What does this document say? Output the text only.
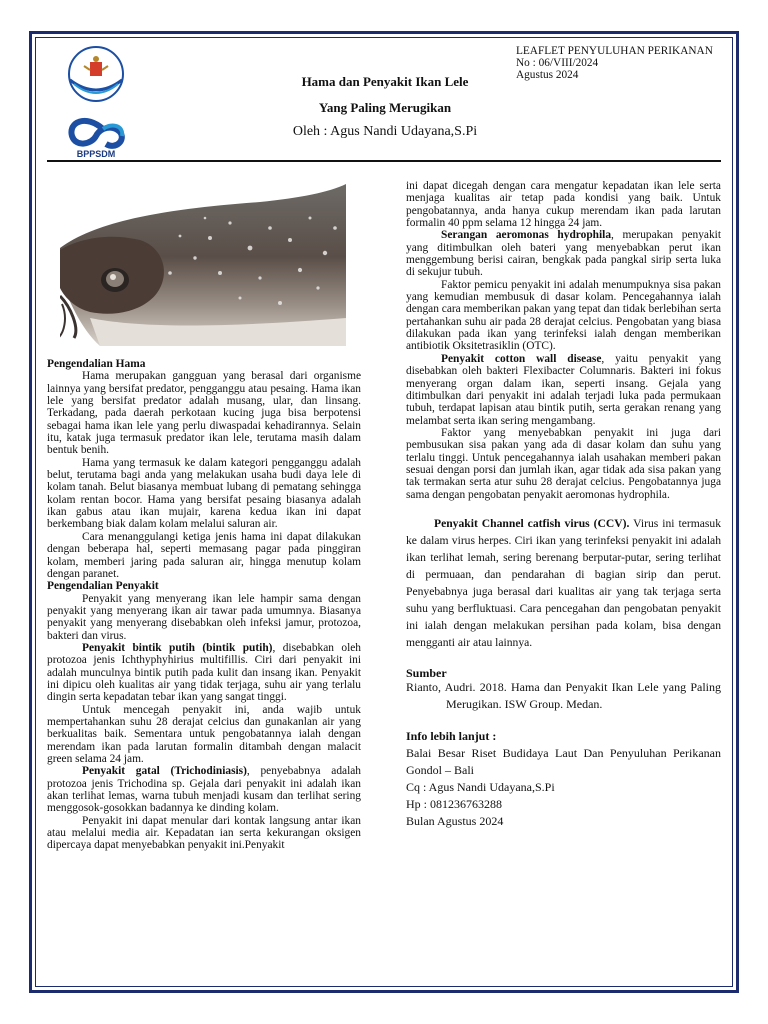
BPPSDM
Hama dan Penyakit Ikan Lele
Yang Paling Merugikan
Oleh : Agus Nandi Udayana,S.Pi
LEAFLET PENYULUHAN PERIKANAN
No : 06/VIII/2024
Agustus 2024

Pengendalian Hama

Hama merupakan gangguan yang berasal dari organisme lainnya yang bersifat predator, pengganggu atau pesaing. Hama ikan lele yang bersifat predator adalah musang, ular, dan linsang. Terkadang, pada daerah perkotaan kucing juga bisa berpotensi sebagai hama ikan lele yang perlu diwaspadai kehadirannya. Selain itu, katak juga termasuk predator ikan lele, terutama masih dalam bentuk benih.

Hama yang termasuk ke dalam kategori pengganggu adalah belut, terutama bagi anda yang melakukan usaha budi daya lele di kolam tanah. Belut biasanya membuat lubang di pematang sehingga kolam rentan bocor. Hama yang bersifat pesaing biasanya adalah ikan gabus atau ikan mujair, karena kedua ikan ini dapat berkembang biak dalam kolam melalui saluran air.

Cara menanggulangi ketiga jenis hama ini dapat dilakukan dengan beberapa hal, seperti memasang pagar pada pinggiran kolam, memberi jaring pada saluran air, hingga menutup kolam dengan paranet.

Pengendalian Penyakit

Penyakit yang menyerang ikan lele hampir sama dengan penyakit yang menyerang ikan air tawar pada umumnya. Biasanya penyakit yang menyerang disebabkan oleh infeksi jamur, protozoa, bakteri dan virus.

Penyakit bintik putih (bintik putih), disebabkan oleh protozoa jenis Ichthyphyhirius multifillis. Ciri dari penyakit ini adalah munculnya bintik putih pada kulit dan insang ikan. Penyakit ini dipicu oleh kualitas air yang tidak terjaga, suhu air yang terlalu dingin serta kepadatan tebar ikan yang sangat tinggi.

Untuk mencegah penyakit ini, anda wajib untuk mempertahankan suhu 28 derajat celcius dan gunakanlan air yang berkualitas baik. Sementara untuk pengobatannya ialah dengan merendam ikan pada larutan formalin ditambah dengan malacit green selama 24 jam.

Penyakit gatal (Trichodiniasis), penyebabnya adalah protozoa jenis Trichodina sp. Gejala dari penyakit ini adalah ikan akan terlihat lemas, warna tubuh menjadi kusam dan terlihat sering menggosok-gosokkan badannya ke dinding kolam.

Penyakit ini dapat menular dari kontak langsung antar ikan atau melalui media air. Kepadatan ian serta kekurangan oksigen dipercaya dapat menyebabkan penyakit ini.Penyakit

ini dapat dicegah dengan cara mengatur kepadatan ikan lele serta menjaga kualitas air tetap pada kondisi yang baik. Untuk pengobatannya, anda hanya cukup merendam ikan pada larutan formalin 40 ppm selama 12 hingga 24 jam.

Serangan aeromonas hydrophila, merupakan penyakit yang ditimbulkan oleh bateri yang menyebabkan perut ikan menggembung berisi cairan, bengkak pada pangkal sirip serta luka di sekujur tubuh.

Faktor pemicu penyakit ini adalah menumpuknya sisa pakan yang kemudian membusuk di dasar kolam. Pencegahannya ialah dengan cara memberikan pakan yang tepat dan tidak berlebihan serta pertahankan suhu air pada 28 derajat celcius. Pengobatan yang biasa dilakukan pada ikan yang terinfeksi ialah dengan memberikan antibiotik Oksitetrasiklin (OTC).

Penyakit cotton wall disease, yaitu penyakit yang disebabkan oleh bakteri Flexibacter Columnaris. Bakteri ini fokus menyerang organ dalam ikan, seperti insang. Gejala yang ditimbulkan dari penyakit ini adalah terjadi luka pada permukaan tubuh, terdapat lapisan atau bintik putih, serta gerakan renang yang melambat serta ikan sering mengambang.

Faktor yang menyebabkan penyakit ini juga dari pembusukan sisa pakan yang ada di dasar kolam dan suhu yang terlalu tinggi. Untuk pencegahannya ialah usahakan memberi pakan sesuai dengan porsi dan jumlah ikan, agar tidak ada sisa pakan yang tak termakan serta atur suhu 28 derajat celcius. Pengobatannya juga sama dengan pengobatan penyakit aeromonas hydrophila.

Penyakit Channel catfish virus (CCV). Virus ini termasuk ke dalam virus herpes. Ciri ikan yang terinfeksi penyakit ini adalah ikan terlihat lemah, sering berenang berputar-putar, sering terlihat di permuaan, dan pendarahan di bagian sirip dan perut. Penyebabnya juga berasal dari kualitas air yang tak terjaga serta suhu yang berfluktuasi. Cara pencegahan dan pengobatan penyakit ini ialah dengan melakukan persihan pada kolam, bisa dengan mengganti air atau lainnya.

Sumber

Rianto, Audri. 2018. Hama dan Penyakit Ikan Lele yang Paling Merugikan. ISW Group. Medan.

Info lebih lanjut :

Balai Besar Riset Budidaya Laut Dan Penyuluhan Perikanan Gondol – Bali

Cq : Agus Nandi Udayana,S.Pi

Hp : 081236763288

Bulan Agustus 2024
